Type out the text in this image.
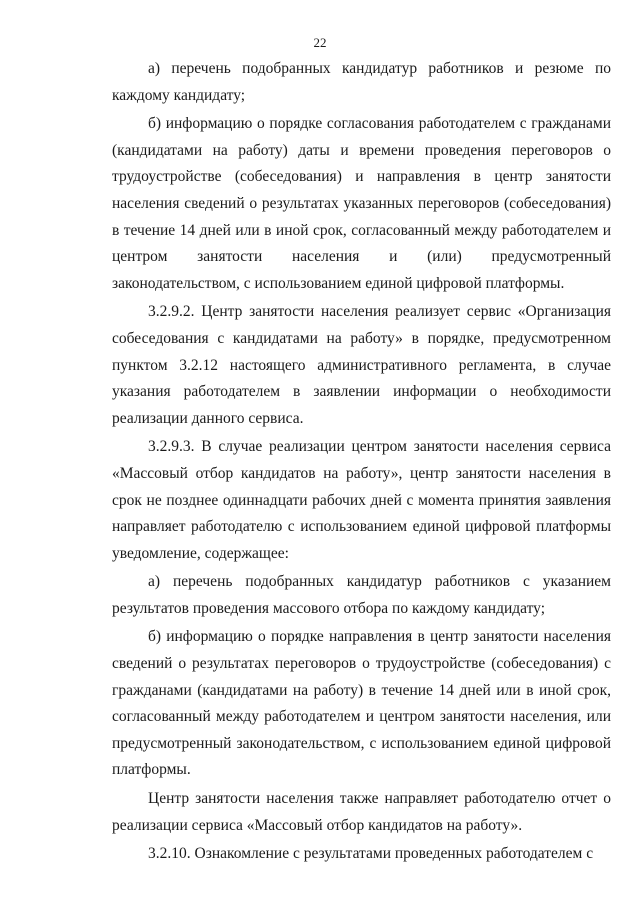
22

а) перечень подобранных кандидатур работников и резюме по каждому кандидату;

б) информацию о порядке согласования работодателем с гражданами (кандидатами на работу) даты и времени проведения переговоров о трудоустройстве (собеседования) и направления в центр занятости населения сведений о результатах указанных переговоров (собеседования) в течение 14 дней или в иной срок, согласованный между работодателем и центром занятости населения и (или) предусмотренный законодательством, с использованием единой цифровой платформы.

3.2.9.2. Центр занятости населения реализует сервис «Организация собеседования с кандидатами на работу» в порядке, предусмотренном пунктом 3.2.12 настоящего административного регламента, в случае указания работодателем в заявлении информации о необходимости реализации данного сервиса.

3.2.9.3. В случае реализации центром занятости населения сервиса «Массовый отбор кандидатов на работу», центр занятости населения в срок не позднее одиннадцати рабочих дней с момента принятия заявления направляет работодателю с использованием единой цифровой платформы уведомление, содержащее:

а) перечень подобранных кандидатур работников с указанием результатов проведения массового отбора по каждому кандидату;

б) информацию о порядке направления в центр занятости населения сведений о результатах переговоров о трудоустройстве (собеседования) с гражданами (кандидатами на работу) в течение 14 дней или в иной срок, согласованный между работодателем и центром занятости населения, или предусмотренный законодательством, с использованием единой цифровой платформы.

Центр занятости населения также направляет работодателю отчет о реализации сервиса «Массовый отбор кандидатов на работу».

3.2.10. Ознакомление с результатами проведенных работодателем с
